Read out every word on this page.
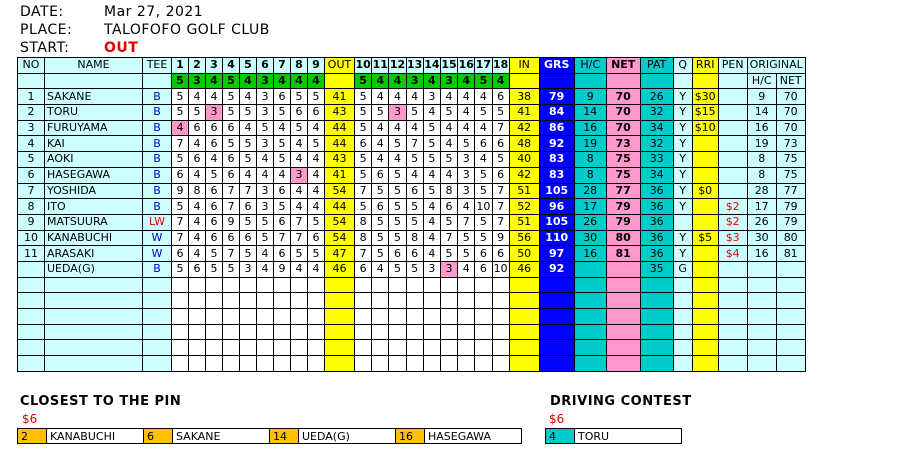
DATE:	Mar 27, 2021
PLACE: TALOFOFO GOLF CLUB
START: OUT
NO	NAME	TEE	1	2	3	4	5	6	7	8	9	OUT	10	11	12	13	14	15	16	17	18	IN	GRS	H/C	NET	PAT	Q	RRI	PEN	ORIGINAL	
			5	3	4	5	4	3	4	4	4		5	4	4	3	4	3	4	5	4									H/C	NET
1	SAKANE	B	5	4	4	5	4	3	6	5	5	41	5	4	4	4	3	4	4	4	6	38	79	9	70	26	Y	$30		9	70
2	TORU	B	5	5	3	5	5	3	5	6	6	43	5	5	3	5	4	5	4	5	5	41	84	14	70	32	Y	$15		14	70
3	FURUYAMA	B	4	6	6	6	4	5	4	5	4	44	5	4	4	4	5	4	4	4	7	42	86	16	70	34	Y	$10		16	70
4	KAI	B	7	4	6	5	5	3	5	4	5	44	6	4	5	7	5	4	5	6	6	48	92	19	73	32	Y			19	73
5	AOKI	B	5	6	4	6	5	4	5	4	4	43	5	4	4	5	5	5	3	4	5	40	83	8	75	33	Y			8	75
6	HASEGAWA	B	6	4	5	6	4	4	4	3	4	41	5	6	5	4	4	4	3	5	6	42	83	8	75	34	Y			8	75
7	YOSHIDA	B	9	8	6	7	7	3	6	4	4	54	7	5	5	6	5	8	3	5	7	51	105	28	77	36	Y	$0		28	77
8	ITO	B	5	4	6	7	6	3	5	4	4	44	5	6	5	5	4	6	4	10	7	52	96	17	79	36	Y		$2	17	79
9	MATSUURA	LW	7	4	6	9	5	5	6	7	5	54	8	5	5	5	4	5	7	5	7	51	105	26	79	36			$2	26	79
10	KANABUCHI	W	7	4	6	6	6	5	7	7	6	54	8	5	5	8	4	7	5	5	9	56	110	30	80	36	Y	$5	$3	30	80
11	ARASAKI	W	6	4	5	7	5	4	6	5	5	47	7	5	6	6	4	5	5	6	6	50	97	16	81	36	Y		$4	16	81
	UEDA(G)	B	5	6	5	5	3	4	9	4	4	46	6	4	5	5	3	3	4	6	10	46	92			35	G				

CLOSEST TO THE PIN
$6
2	KANABUCHI	6	SAKANE	14	UEDA(G)	16	HASEGAWA
DRIVING CONTEST
$6
4	TORU
